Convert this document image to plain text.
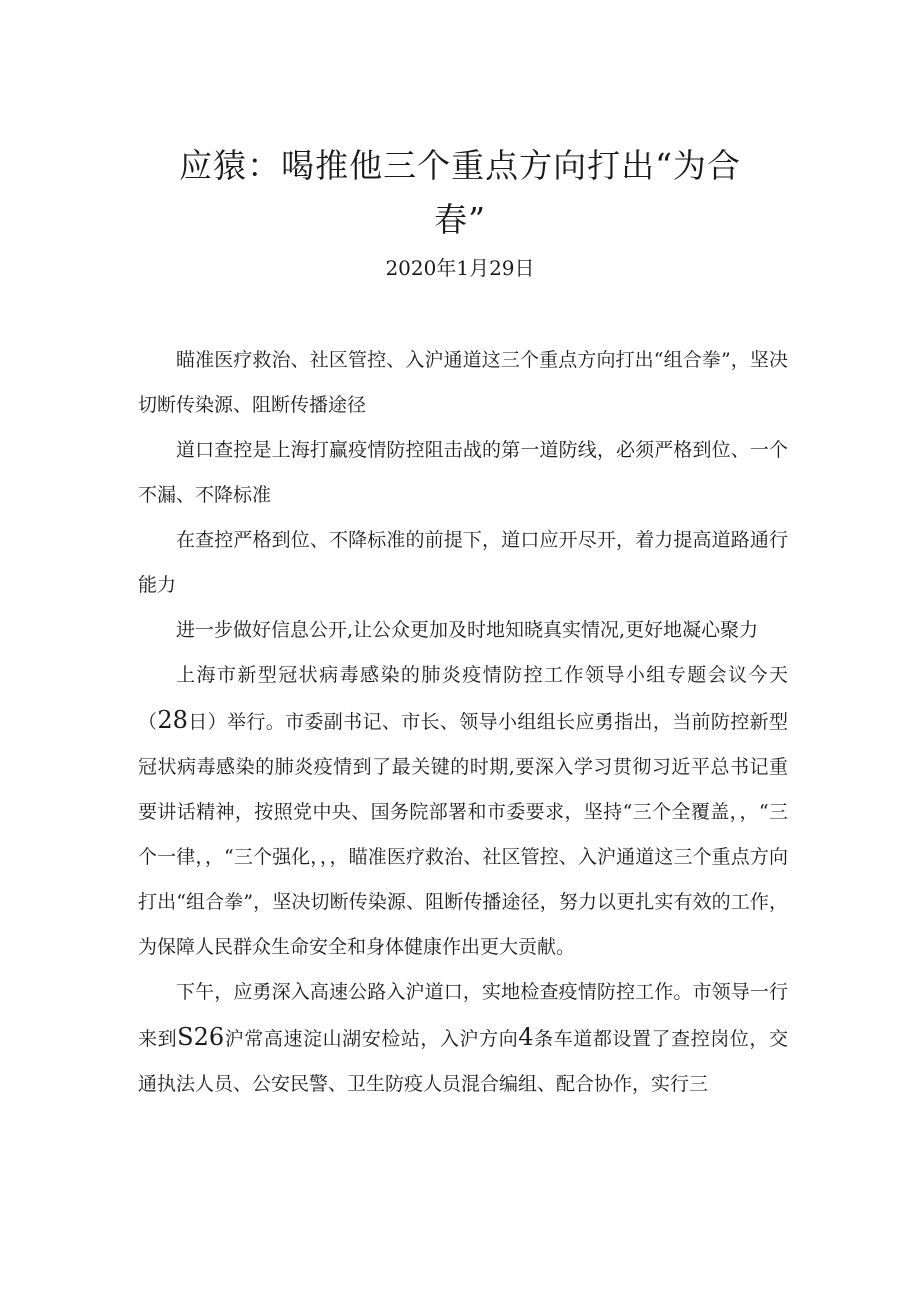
应猿：喝推他三个重点方向打出“为合
春”
2020年1月29日

瞄准医疗救治、社区管控、入沪通道这三个重点方向打出“组合拳”，坚决切断传染源、阻断传播途径

道口查控是上海打赢疫情防控阻击战的第一道防线，必须严格到位、一个不漏、不降标准

在查控严格到位、不降标准的前提下，道口应开尽开，着力提高道路通行能力

进一步做好信息公开,让公众更加及时地知晓真实情况,更好地凝心聚力

上海市新型冠状病毒感染的肺炎疫情防控工作领导小组专题会议今天（28日）举行。市委副书记、市长、领导小组组长应勇指出，当前防控新型冠状病毒感染的肺炎疫情到了最关键的时期,要深入学习贯彻习近平总书记重要讲话精神，按照党中央、国务院部署和市委要求，坚持“三个全覆盖，，“三个一律，，“三个强化，，，瞄准医疗救治、社区管控、入沪通道这三个重点方向打出“组合拳”，坚决切断传染源、阻断传播途径，努力以更扎实有效的工作，为保障人民群众生命安全和身体健康作出更大贡献。

下午，应勇深入高速公路入沪道口，实地检查疫情防控工作。市领导一行来到S26沪常高速淀山湖安检站，入沪方向4条车道都设置了查控岗位，交通执法人员、公安民警、卫生防疫人员混合编组、配合协作，实行三
